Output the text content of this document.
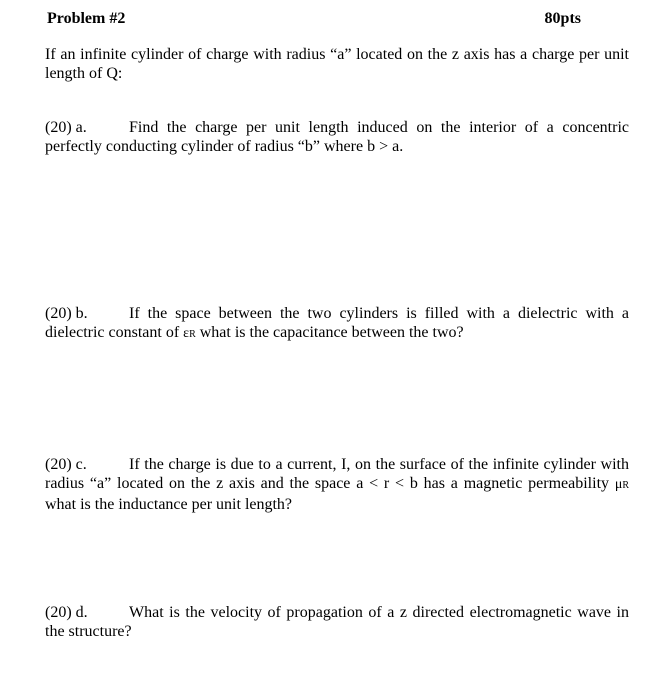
Problem #2	80pts
If an infinite cylinder of charge with radius “a” located on the z axis has a charge per unit length of Q:
(20) a.	Find the charge per unit length induced on the interior of a concentric perfectly conducting cylinder of radius “b” where b > a.
(20) b.	If the space between the two cylinders is filled with a dielectric with a dielectric constant of εR what is the capacitance between the two?
(20) c.	If the charge is due to a current, I, on the surface of the infinite cylinder with radius “a” located on the z axis and the space a < r < b has a magnetic permeability μR what is the inductance per unit length?
(20) d.	What is the velocity of propagation of a z directed electromagnetic wave in the structure?
